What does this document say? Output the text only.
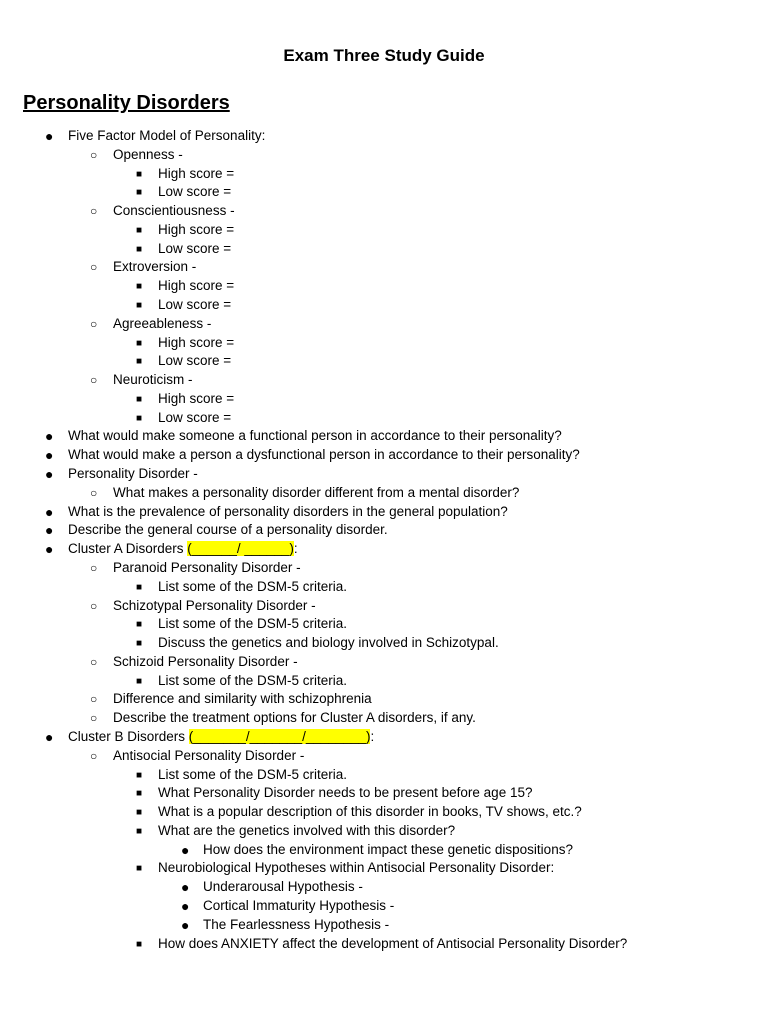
Exam Three Study Guide
Personality Disorders
● Five Factor Model of Personality:
○ Openness -
■ High score =
■ Low score =
○ Conscientiousness -
■ High score =
■ Low score =
○ Extroversion -
■ High score =
■ Low score =
○ Agreeableness -
■ High score =
■ Low score =
○ Neuroticism -
■ High score =
■ Low score =
● What would make someone a functional person in accordance to their personality?
● What would make a person a dysfunctional person in accordance to their personality?
● Personality Disorder -
○ What makes a personality disorder different from a mental disorder?
● What is the prevalence of personality disorders in the general population?
● Describe the general course of a personality disorder.
● Cluster A Disorders (______/ ______):
○ Paranoid Personality Disorder -
■ List some of the DSM-5 criteria.
○ Schizotypal Personality Disorder -
■ List some of the DSM-5 criteria.
■ Discuss the genetics and biology involved in Schizotypal.
○ Schizoid Personality Disorder -
■ List some of the DSM-5 criteria.
○ Difference and similarity with schizophrenia
○ Describe the treatment options for Cluster A disorders, if any.
● Cluster B Disorders (_______/_______/________):
○ Antisocial Personality Disorder -
■ List some of the DSM-5 criteria.
■ What Personality Disorder needs to be present before age 15?
■ What is a popular description of this disorder in books, TV shows, etc.?
■ What are the genetics involved with this disorder?
● How does the environment impact these genetic dispositions?
■ Neurobiological Hypotheses within Antisocial Personality Disorder:
● Underarousal Hypothesis -
● Cortical Immaturity Hypothesis -
● The Fearlessness Hypothesis -
■ How does ANXIETY affect the development of Antisocial Personality Disorder?
